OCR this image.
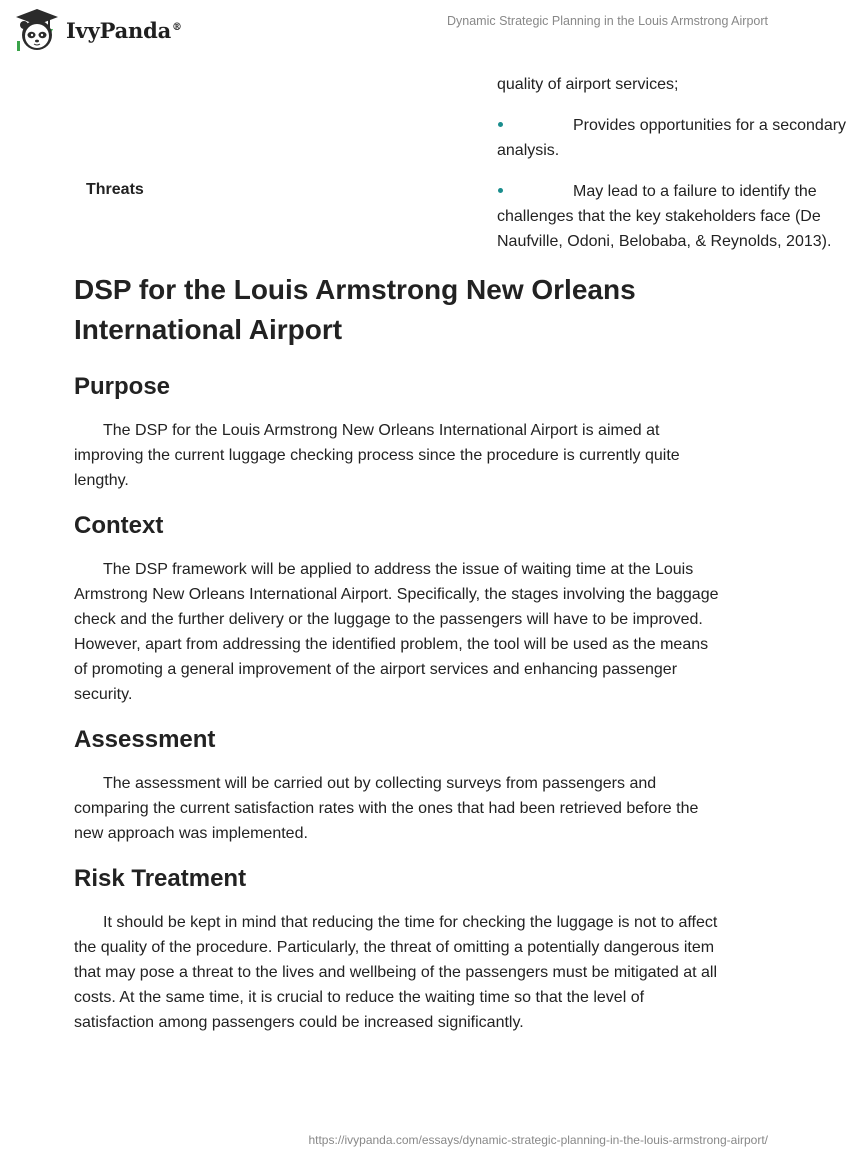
IvyPanda®	Dynamic Strategic Planning in the Louis Armstrong Airport
quality of airport services;
Provides opportunities for a secondary
analysis.
Threats	May lead to a failure to identify the
challenges that the key stakeholders face (De
Naufville, Odoni, Belobaba, & Reynolds, 2013).
DSP for the Louis Armstrong New Orleans International Airport
Purpose

The DSP for the Louis Armstrong New Orleans International Airport is aimed at improving the current luggage checking process since the procedure is currently quite lengthy.

Context

The DSP framework will be applied to address the issue of waiting time at the Louis Armstrong New Orleans International Airport. Specifically, the stages involving the baggage check and the further delivery or the luggage to the passengers will have to be improved. However, apart from addressing the identified problem, the tool will be used as the means of promoting a general improvement of the airport services and enhancing passenger security.

Assessment

The assessment will be carried out by collecting surveys from passengers and comparing the current satisfaction rates with the ones that had been retrieved before the new approach was implemented.

Risk Treatment

It should be kept in mind that reducing the time for checking the luggage is not to affect the quality of the procedure. Particularly, the threat of omitting a potentially dangerous item that may pose a threat to the lives and wellbeing of the passengers must be mitigated at all costs. At the same time, it is crucial to reduce the waiting time so that the level of satisfaction among passengers could be increased significantly.

https://ivypanda.com/essays/dynamic-strategic-planning-in-the-louis-armstrong-airport/
